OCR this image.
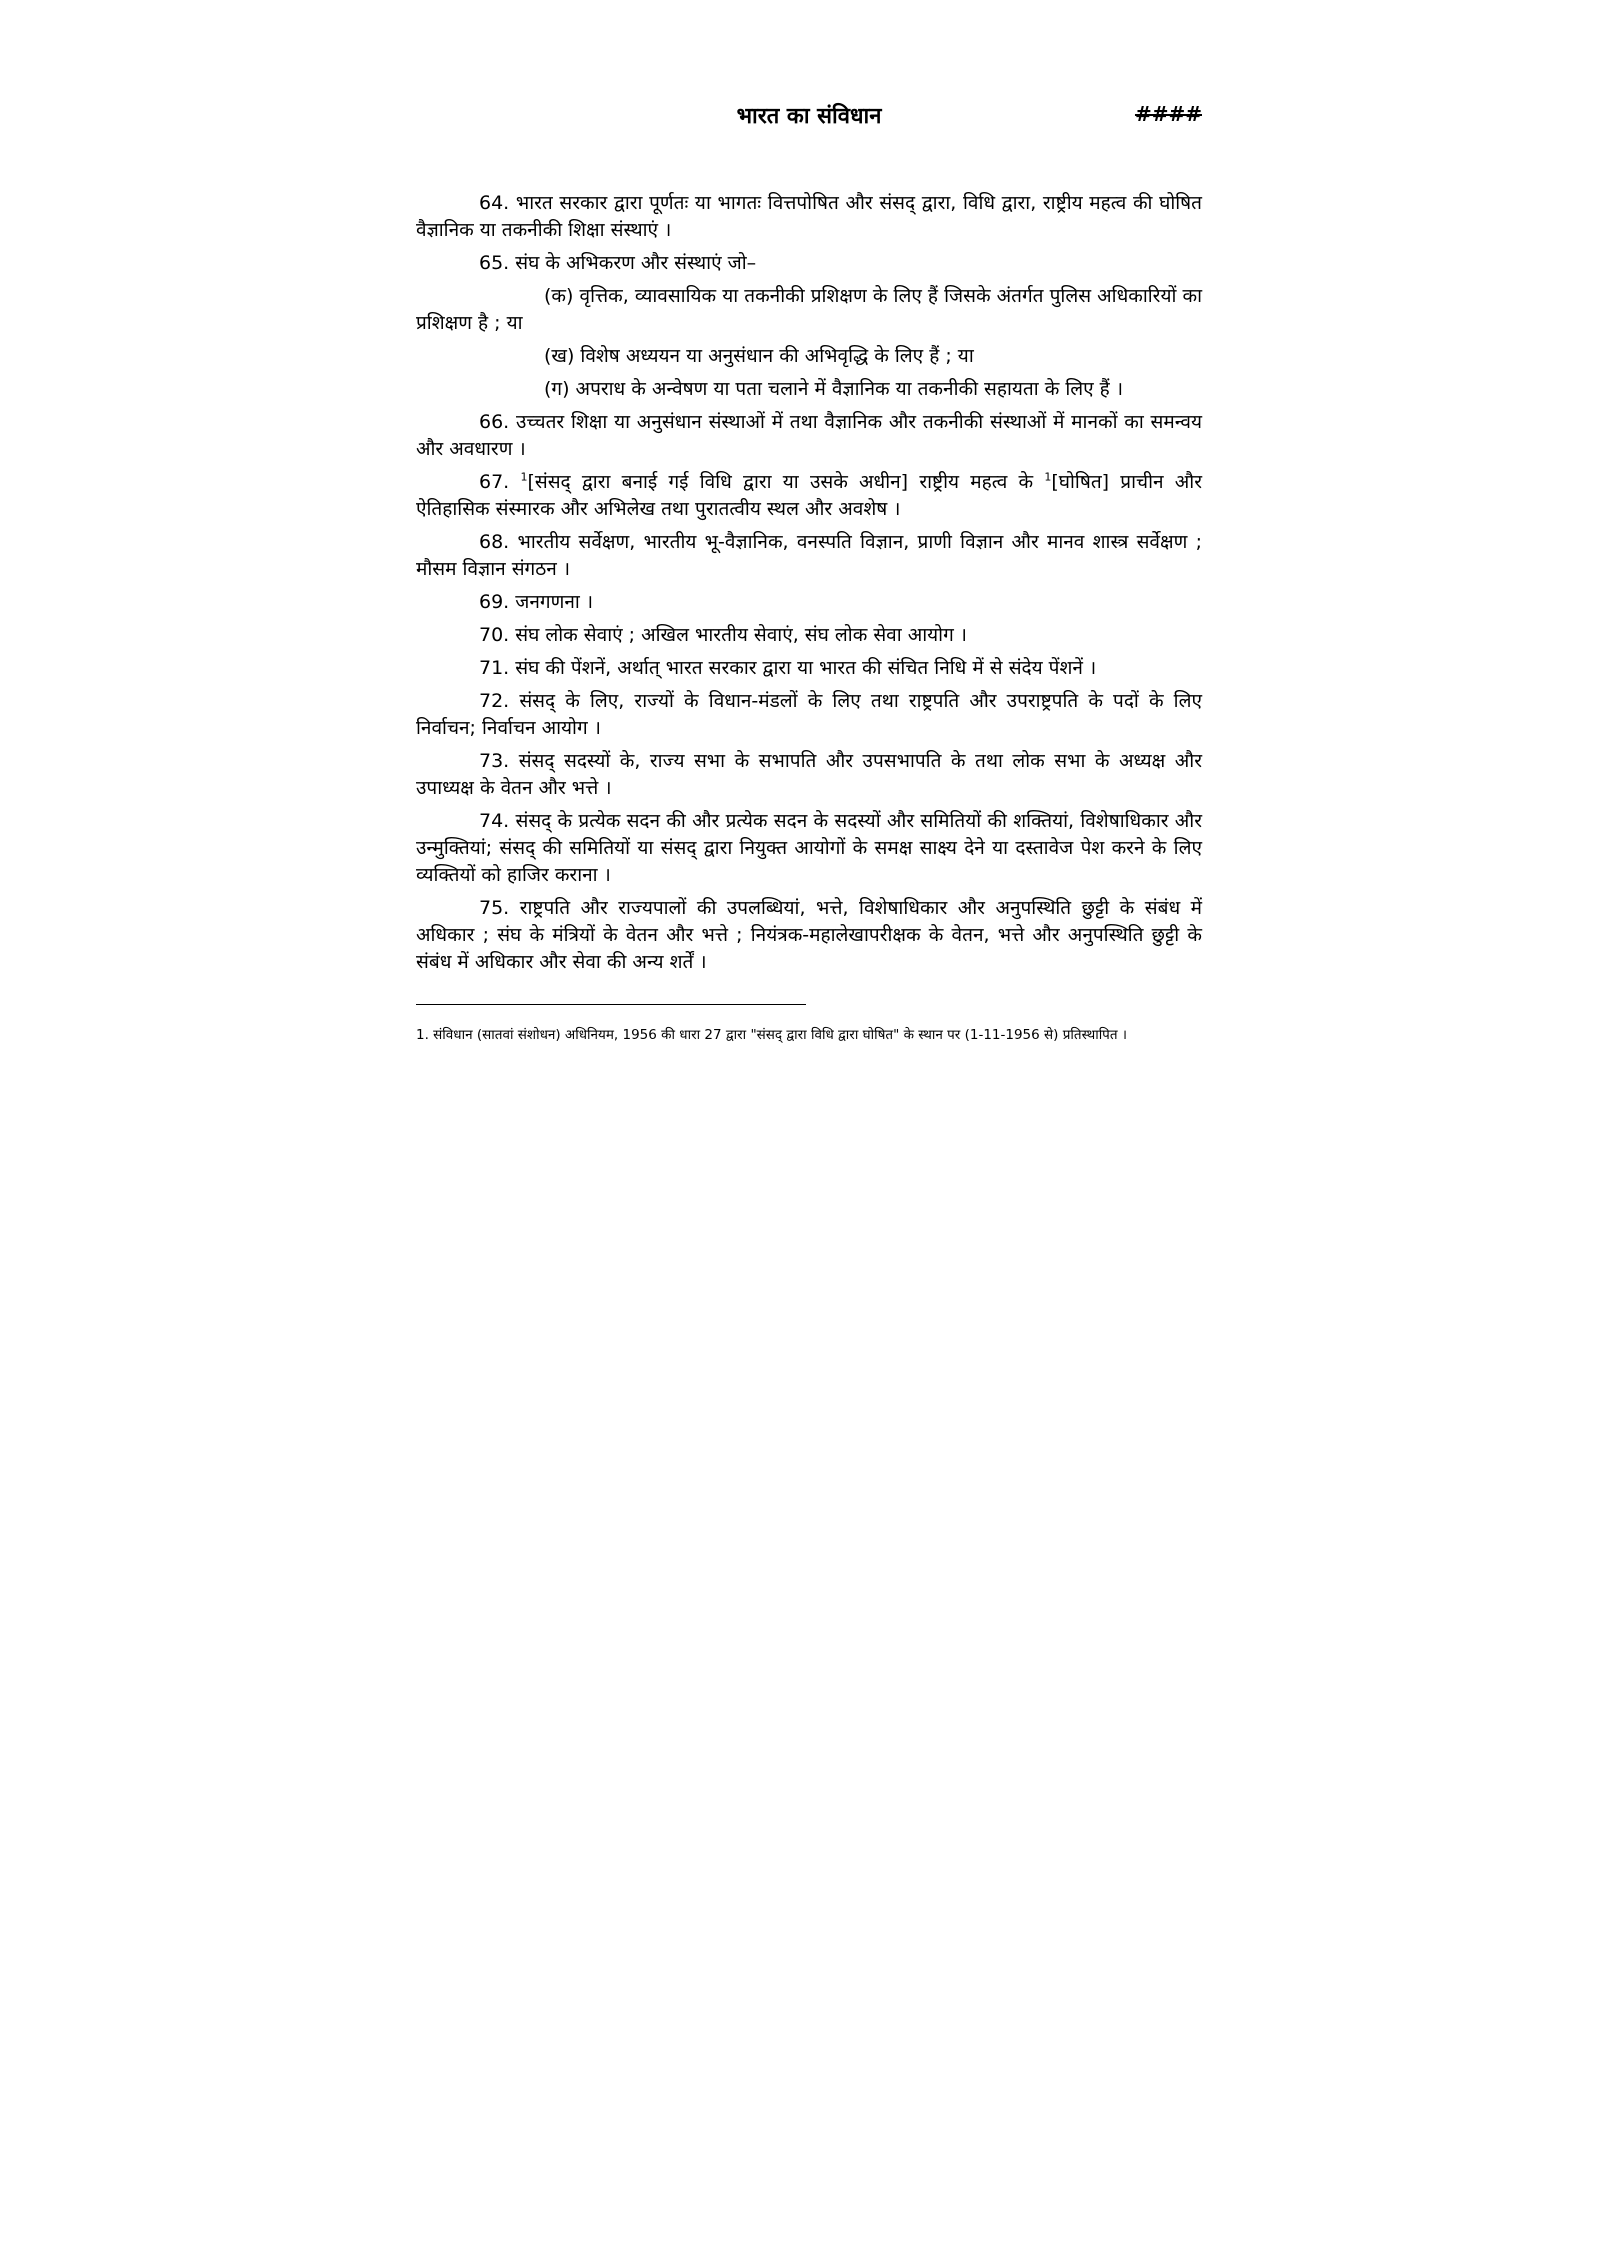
भारत का संविधान	####

64. भारत सरकार द्वारा पूर्णतः या भागतः वित्तपोषित और संसद् द्वारा, विधि द्वारा, राष्ट्रीय महत्व की घोषित वैज्ञानिक या तकनीकी शिक्षा संस्थाएं ।

65. संघ के अभिकरण और संस्थाएं जो–

(क) वृत्तिक, व्यावसायिक या तकनीकी प्रशिक्षण के लिए हैं जिसके अंतर्गत पुलिस अधिकारियों का प्रशिक्षण है ; या

(ख) विशेष अध्ययन या अनुसंधान की अभिवृद्धि के लिए हैं ; या

(ग) अपराध के अन्वेषण या पता चलाने में वैज्ञानिक या तकनीकी सहायता के लिए हैं ।

66. उच्चतर शिक्षा या अनुसंधान संस्थाओं में तथा वैज्ञानिक और तकनीकी संस्थाओं में मानकों का समन्वय और अवधारण ।

67. $^1$[संसद् द्वारा बनाई गई विधि द्वारा या उसके अधीन] राष्ट्रीय महत्व के $^1$[घोषित] प्राचीन और ऐतिहासिक संस्मारक और अभिलेख तथा पुरातत्वीय स्थल और अवशेष ।

68. भारतीय सर्वेक्षण, भारतीय भू-वैज्ञानिक, वनस्पति विज्ञान, प्राणी विज्ञान और मानव शास्त्र सर्वेक्षण ; मौसम विज्ञान संगठन ।

69. जनगणना ।

70. संघ लोक सेवाएं ; अखिल भारतीय सेवाएं, संघ लोक सेवा आयोग ।

71. संघ की पेंशनें, अर्थात् भारत सरकार द्वारा या भारत की संचित निधि में से संदेय पेंशनें ।

72. संसद् के लिए, राज्यों के विधान-मंडलों के लिए तथा राष्ट्रपति और उपराष्ट्रपति के पदों के लिए निर्वाचन; निर्वाचन आयोग ।

73. संसद् सदस्यों के, राज्य सभा के सभापति और उपसभापति के तथा लोक सभा के अध्यक्ष और उपाध्यक्ष के वेतन और भत्ते ।

74. संसद् के प्रत्येक सदन की और प्रत्येक सदन के सदस्यों और समितियों की शक्तियां, विशेषाधिकार और उन्मुक्तियां; संसद् की समितियों या संसद् द्वारा नियुक्त आयोगों के समक्ष साक्ष्य देने या दस्तावेज पेश करने के लिए व्यक्तियों को हाजिर कराना ।

75. राष्ट्रपति और राज्यपालों की उपलब्धियां, भत्ते, विशेषाधिकार और अनुपस्थिति छुट्टी के संबंध में अधिकार ; संघ के मंत्रियों के वेतन और भत्ते ; नियंत्रक-महालेखापरीक्षक के वेतन, भत्ते और अनुपस्थिति छुट्टी के संबंध में अधिकार और सेवा की अन्य शर्तें ।

1. संविधान (सातवां संशोधन) अधिनियम, 1956 की धारा 27 द्वारा "संसद् द्वारा विधि द्वारा घोषित" के स्थान पर (1-11-1956 से) प्रतिस्थापित ।
